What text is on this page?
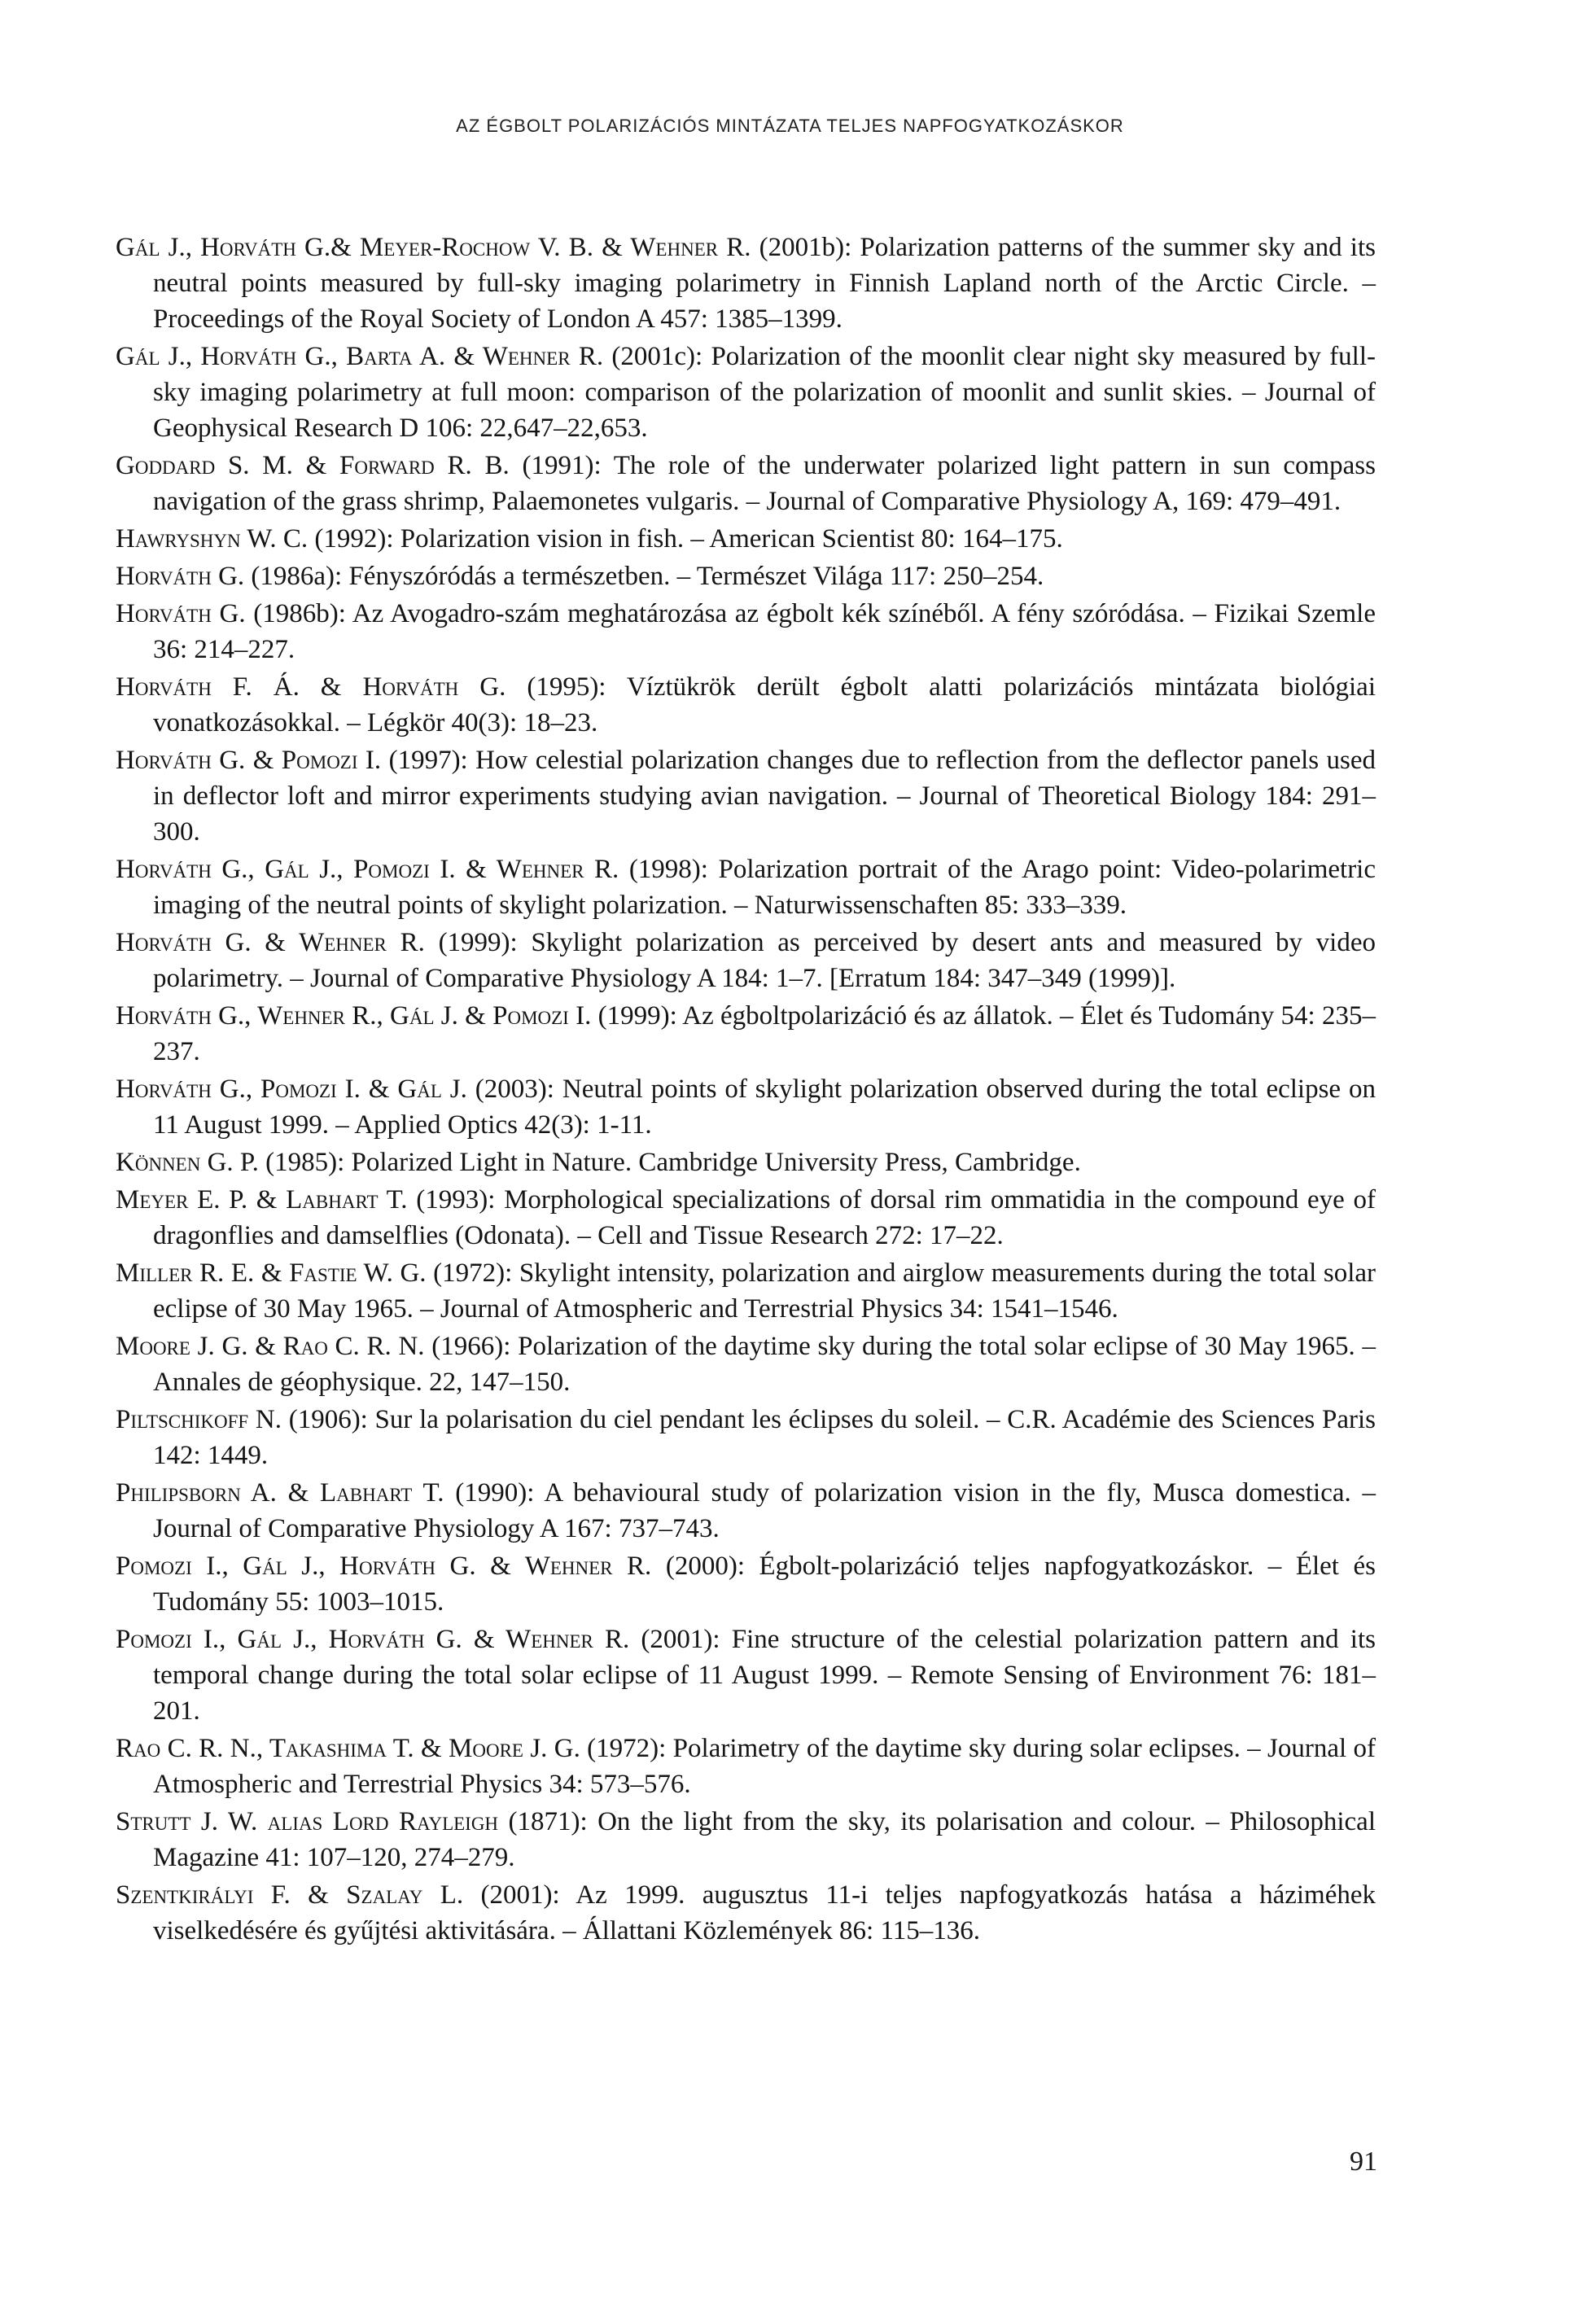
AZ ÉGBOLT POLARIZÁCIÓS MINTÁZATA TELJES NAPFOGYATKOZÁSKOR
Gál J., Horváth G.& Meyer-Rochow V. B. & Wehner R. (2001b): Polarization patterns of the summer sky and its neutral points measured by full-sky imaging polarimetry in Finnish Lapland north of the Arctic Circle. – Proceedings of the Royal Society of London A 457: 1385–1399.
Gál J., Horváth G., Barta A. & Wehner R. (2001c): Polarization of the moonlit clear night sky measured by full-sky imaging polarimetry at full moon: comparison of the polarization of moonlit and sunlit skies. – Journal of Geophysical Research D 106: 22,647–22,653.
Goddard S. M. & Forward R. B. (1991): The role of the underwater polarized light pattern in sun compass navigation of the grass shrimp, Palaemonetes vulgaris. – Journal of Comparative Physiology A, 169: 479–491.
Hawryshyn W. C. (1992): Polarization vision in fish. – American Scientist 80: 164–175.
Horváth G. (1986a): Fényszóródás a természetben. – Természet Világa 117: 250–254.
Horváth G. (1986b): Az Avogadro-szám meghatározása az égbolt kék színéből. A fény szóródása. – Fizikai Szemle 36: 214–227.
Horváth F. Á. & Horváth G. (1995): Víztükrök derült égbolt alatti polarizációs mintázata biológiai vonatkozásokkal. – Légkör 40(3): 18–23.
Horváth G. & Pomozi I. (1997): How celestial polarization changes due to reflection from the deflector panels used in deflector loft and mirror experiments studying avian navigation. – Journal of Theoretical Biology 184: 291–300.
Horváth G., Gál J., Pomozi I. & Wehner R. (1998): Polarization portrait of the Arago point: Video-polarimetric imaging of the neutral points of skylight polarization. – Naturwissenschaften 85: 333–339.
Horváth G. & Wehner R. (1999): Skylight polarization as perceived by desert ants and measured by video polarimetry. – Journal of Comparative Physiology A 184: 1–7. [Erratum 184: 347–349 (1999)].
Horváth G., Wehner R., Gál J. & Pomozi I. (1999): Az égboltpolarizáció és az állatok. – Élet és Tudomány 54: 235–237.
Horváth G., Pomozi I. & Gál J. (2003): Neutral points of skylight polarization observed during the total eclipse on 11 August 1999. – Applied Optics 42(3): 1-11.
Können G. P. (1985): Polarized Light in Nature. Cambridge University Press, Cambridge.
Meyer E. P. & Labhart T. (1993): Morphological specializations of dorsal rim ommatidia in the compound eye of dragonflies and damselflies (Odonata). – Cell and Tissue Research 272: 17–22.
Miller R. E. & Fastie W. G. (1972): Skylight intensity, polarization and airglow measurements during the total solar eclipse of 30 May 1965. – Journal of Atmospheric and Terrestrial Physics 34: 1541–1546.
Moore J. G. & Rao C. R. N. (1966): Polarization of the daytime sky during the total solar eclipse of 30 May 1965. – Annales de géophysique. 22, 147–150.
Piltschikoff N. (1906): Sur la polarisation du ciel pendant les éclipses du soleil. – C.R. Académie des Sciences Paris 142: 1449.
Philipsborn A. & Labhart T. (1990): A behavioural study of polarization vision in the fly, Musca domestica. – Journal of Comparative Physiology A 167: 737–743.
Pomozi I., Gál J., Horváth G. & Wehner R. (2000): Égbolt-polarizáció teljes napfogyatkozáskor. – Élet és Tudomány 55: 1003–1015.
Pomozi I., Gál J., Horváth G. & Wehner R. (2001): Fine structure of the celestial polarization pattern and its temporal change during the total solar eclipse of 11 August 1999. – Remote Sensing of Environment 76: 181–201.
Rao C. R. N., Takashima T. & Moore J. G. (1972): Polarimetry of the daytime sky during solar eclipses. – Journal of Atmospheric and Terrestrial Physics 34: 573–576.
Strutt J. W. alias Lord Rayleigh (1871): On the light from the sky, its polarisation and colour. – Philosophical Magazine 41: 107–120, 274–279.
Szentkirályi F. & Szalay L. (2001): Az 1999. augusztus 11-i teljes napfogyatkozás hatása a háziméhek viselkedésére és gyűjtési aktivitására. – Állattani Közlemények 86: 115–136.
91
